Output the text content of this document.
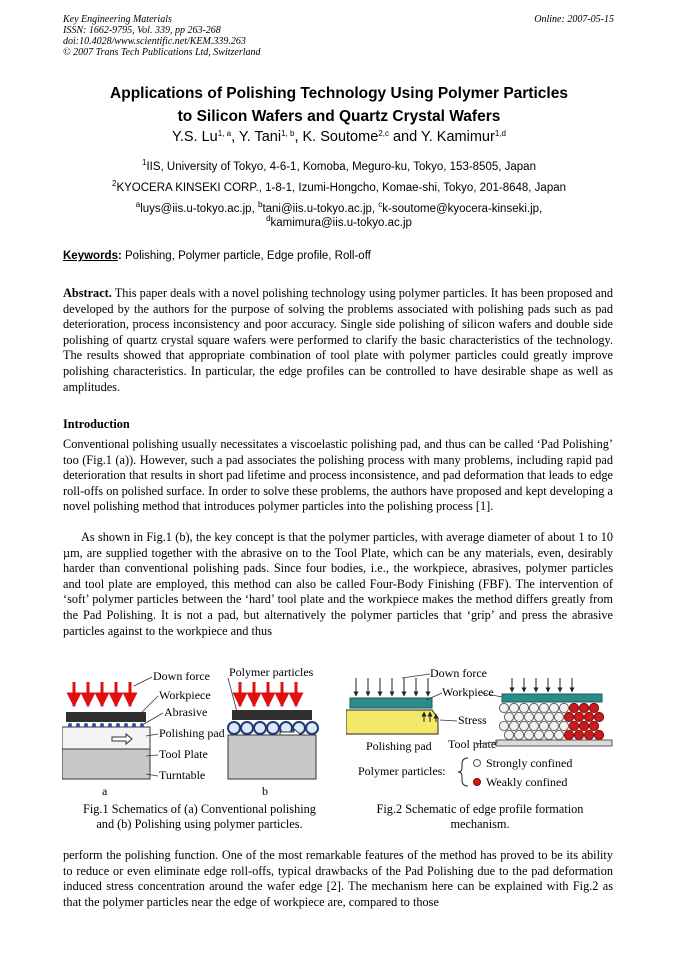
Key Engineering Materials
ISSN: 1662-9795, Vol. 339, pp 263-268
doi:10.4028/www.scientific.net/KEM.339.263
© 2007 Trans Tech Publications Ltd, Switzerland
Online: 2007-05-15
Applications of Polishing Technology Using Polymer Particles
to Silicon Wafers and Quartz Crystal Wafers
Y.S. Lu$^{1, a}$, Y. Tani$^{1, b}$, K. Soutome$^{2,c}$ and Y. Kamimur$^{1,d}$
$^1$IIS, University of Tokyo, 4-6-1, Komoba, Meguro-ku, Tokyo, 153-8505, Japan
$^2$KYOCERA KINSEKI CORP., 1-8-1, Izumi-Hongcho, Komae-shi, Tokyo, 201-8648, Japan
$^a$luys@iis.u-tokyo.ac.jp, $^b$tani@iis.u-tokyo.ac.jp, $^c$k-soutome@kyocera-kinseki.jp,
$^d$kamimura@iis.u-tokyo.ac.jp
Keywords: Polishing, Polymer particle, Edge profile, Roll-off
Abstract. This paper deals with a novel polishing technology using polymer particles. It has been proposed and developed by the authors for the purpose of solving the problems associated with polishing pads such as pad deterioration, process inconsistency and poor accuracy. Single side polishing of silicon wafers and double side polishing of quartz crystal square wafers were performed to clarify the basic characteristics of the technology. The results showed that appropriate combination of tool plate with polymer particles could greatly improve polishing characteristics. In particular, the edge profiles can be controlled to have desirable shape as well as amplitudes.
Introduction
Conventional polishing usually necessitates a viscoelastic polishing pad, and thus can be called ‘Pad Polishing’ too (Fig.1 (a)). However, such a pad associates the polishing process with many problems, including rapid pad deterioration that results in short pad lifetime and process inconsistence, and pad deformation that leads to edge roll-offs on polished surface. In order to solve these problems, the authors have proposed and kept developing a novel polishing method that introduces polymer particles into the polishing process [1].
As shown in Fig.1 (b), the key concept is that the polymer particles, with average diameter of about 1 to 10 µm, are supplied together with the abrasive on to the Tool Plate, which can be any materials, even, desirably harder than conventional polishing pads. Since four bodies, i.e., the workpiece, abrasives, polymer particles and tool plate are employed, this method can also be called Four-Body Finishing (FBF). The intervention of ‘soft’ polymer particles between the ‘hard’ tool plate and the workpiece makes the method differs greatly from the Pad Polishing. It is not a pad, but alternatively the polymer particles that ‘grip’ and press the abrasive particles against to the workpiece and thus
Down force
Workpiece
Abrasive
Polishing pad
Tool Plate
Turntable
Polymer particles
a	b
Fig.1 Schematics of (a) Conventional polishing
and (b) Polishing using polymer particles.
Down force
Workpiece
Stress
Polishing pad Tool plate
Polymer particles:
Strongly confined
Weakly confined
Fig.2 Schematic of edge profile formation
mechanism.
perform the polishing function. One of the most remarkable features of the method has proved to be its ability to reduce or even eliminate edge roll-offs, typical drawbacks of the Pad Polishing due to the pad deformation induced stress concentration around the wafer edge [2]. The mechanism here can be explained with Fig.2 as that the polymer particles near the edge of workpiece are, compared to those
